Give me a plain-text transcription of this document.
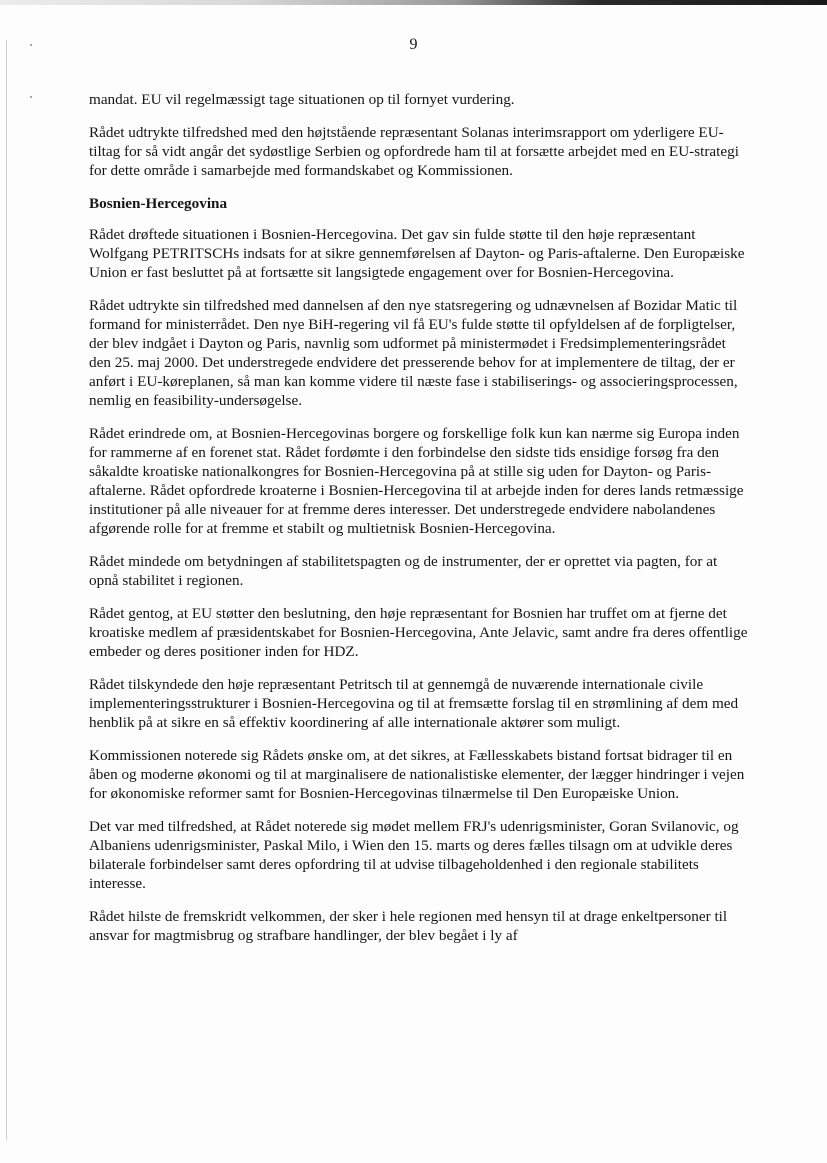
9

mandat. EU vil regelmæssigt tage situationen op til fornyet vurdering.

Rådet udtrykte tilfredshed med den højtstående repræsentant Solanas interimsrapport om yderligere EU-tiltag for så vidt angår det sydøstlige Serbien og opfordrede ham til at forsætte arbejdet med en EU-strategi for dette område i samarbejde med formandskabet og Kommissionen.

Bosnien-Hercegovina

Rådet drøftede situationen i Bosnien-Hercegovina. Det gav sin fulde støtte til den høje repræsentant Wolfgang PETRITSCHs indsats for at sikre gennemførelsen af Dayton- og Paris-aftalerne. Den Europæiske Union er fast besluttet på at fortsætte sit langsigtede engagement over for Bosnien-Hercegovina.

Rådet udtrykte sin tilfredshed med dannelsen af den nye statsregering og udnævnelsen af Bozidar Matic til formand for ministerrådet. Den nye BiH-regering vil få EU's fulde støtte til opfyldelsen af de forpligtelser, der blev indgået i Dayton og Paris, navnlig som udformet på ministermødet i Fredsimplementeringsrådet den 25. maj 2000. Det understregede endvidere det presserende behov for at implementere de tiltag, der er anført i EU-køreplanen, så man kan komme videre til næste fase i stabiliserings- og associeringsprocessen, nemlig en feasibility-undersøgelse.

Rådet erindrede om, at Bosnien-Hercegovinas borgere og forskellige folk kun kan nærme sig Europa inden for rammerne af en forenet stat. Rådet fordømte i den forbindelse den sidste tids ensidige forsøg fra den såkaldte kroatiske nationalkongres for Bosnien-Hercegovina på at stille sig uden for Dayton- og Paris-aftalerne. Rådet opfordrede kroaterne i Bosnien-Hercegovina til at arbejde inden for deres lands retmæssige institutioner på alle niveauer for at fremme deres interesser. Det understregede endvidere nabolandenes afgørende rolle for at fremme et stabilt og multietnisk Bosnien-Hercegovina.

Rådet mindede om betydningen af stabilitetspagten og de instrumenter, der er oprettet via pagten, for at opnå stabilitet i regionen.

Rådet gentog, at EU støtter den beslutning, den høje repræsentant for Bosnien har truffet om at fjerne det kroatiske medlem af præsidentskabet for Bosnien-Hercegovina, Ante Jelavic, samt andre fra deres offentlige embeder og deres positioner inden for HDZ.

Rådet tilskyndede den høje repræsentant Petritsch til at gennemgå de nuværende internationale civile implementeringsstrukturer i Bosnien-Hercegovina og til at fremsætte forslag til en strømlining af dem med henblik på at sikre en så effektiv koordinering af alle internationale aktører som muligt.

Kommissionen noterede sig Rådets ønske om, at det sikres, at Fællesskabets bistand fortsat bidrager til en åben og moderne økonomi og til at marginalisere de nationalistiske elementer, der lægger hindringer i vejen for økonomiske reformer samt for Bosnien-Hercegovinas tilnærmelse til Den Europæiske Union.

Det var med tilfredshed, at Rådet noterede sig mødet mellem FRJ's udenrigsminister, Goran Svilanovic, og Albaniens udenrigsminister, Paskal Milo, i Wien den 15. marts og deres fælles tilsagn om at udvikle deres bilaterale forbindelser samt deres opfordring til at udvise tilbageholdenhed i den regionale stabilitets interesse.

Rådet hilste de fremskridt velkommen, der sker i hele regionen med hensyn til at drage enkeltpersoner til ansvar for magtmisbrug og strafbare handlinger, der blev begået i ly af
